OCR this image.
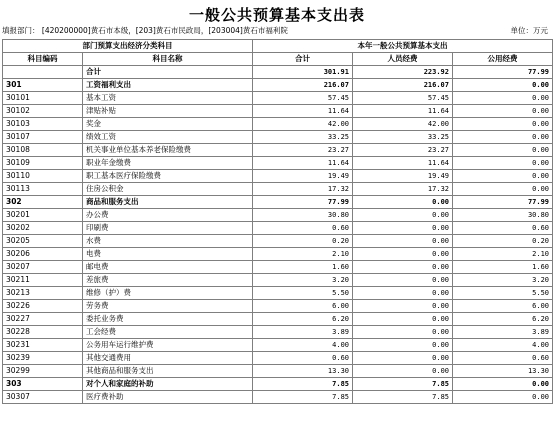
一般公共预算基本支出表
填报部门： [420200000]黄石市本级，[203]黄石市民政局，[203004]黄石市福利院	单位：万元
部门预算支出经济分类科目		本年一般公共预算基本支出		
科目编码	科目名称	合计	人员经费	公用经费
	合计	301.91	223.92	77.99
301	工资福利支出	216.07	216.07	0.00
30101	基本工资	57.45	57.45	0.00
30102	津贴补贴	11.64	11.64	0.00
30103	奖金	42.00	42.00	0.00
30107	绩效工资	33.25	33.25	0.00
30108	机关事业单位基本养老保险缴费	23.27	23.27	0.00
30109	职业年金缴费	11.64	11.64	0.00
30110	职工基本医疗保险缴费	19.49	19.49	0.00
30113	住房公积金	17.32	17.32	0.00
302	商品和服务支出	77.99	0.00	77.99
30201	办公费	30.80	0.00	30.80
30202	印刷费	0.60	0.00	0.60
30205	水费	0.20	0.00	0.20
30206	电费	2.10	0.00	2.10
30207	邮电费	1.60	0.00	1.60
30211	差旅费	3.20	0.00	3.20
30213	维修（护）费	5.50	0.00	5.50
30226	劳务费	6.00	0.00	6.00
30227	委托业务费	6.20	0.00	6.20
30228	工会经费	3.89	0.00	3.89
30231	公务用车运行维护费	4.00	0.00	4.00
30239	其他交通费用	0.60	0.00	0.60
30299	其他商品和服务支出	13.30	0.00	13.30
303	对个人和家庭的补助	7.85	7.85	0.00
30307	医疗费补助	7.85	7.85	0.00
